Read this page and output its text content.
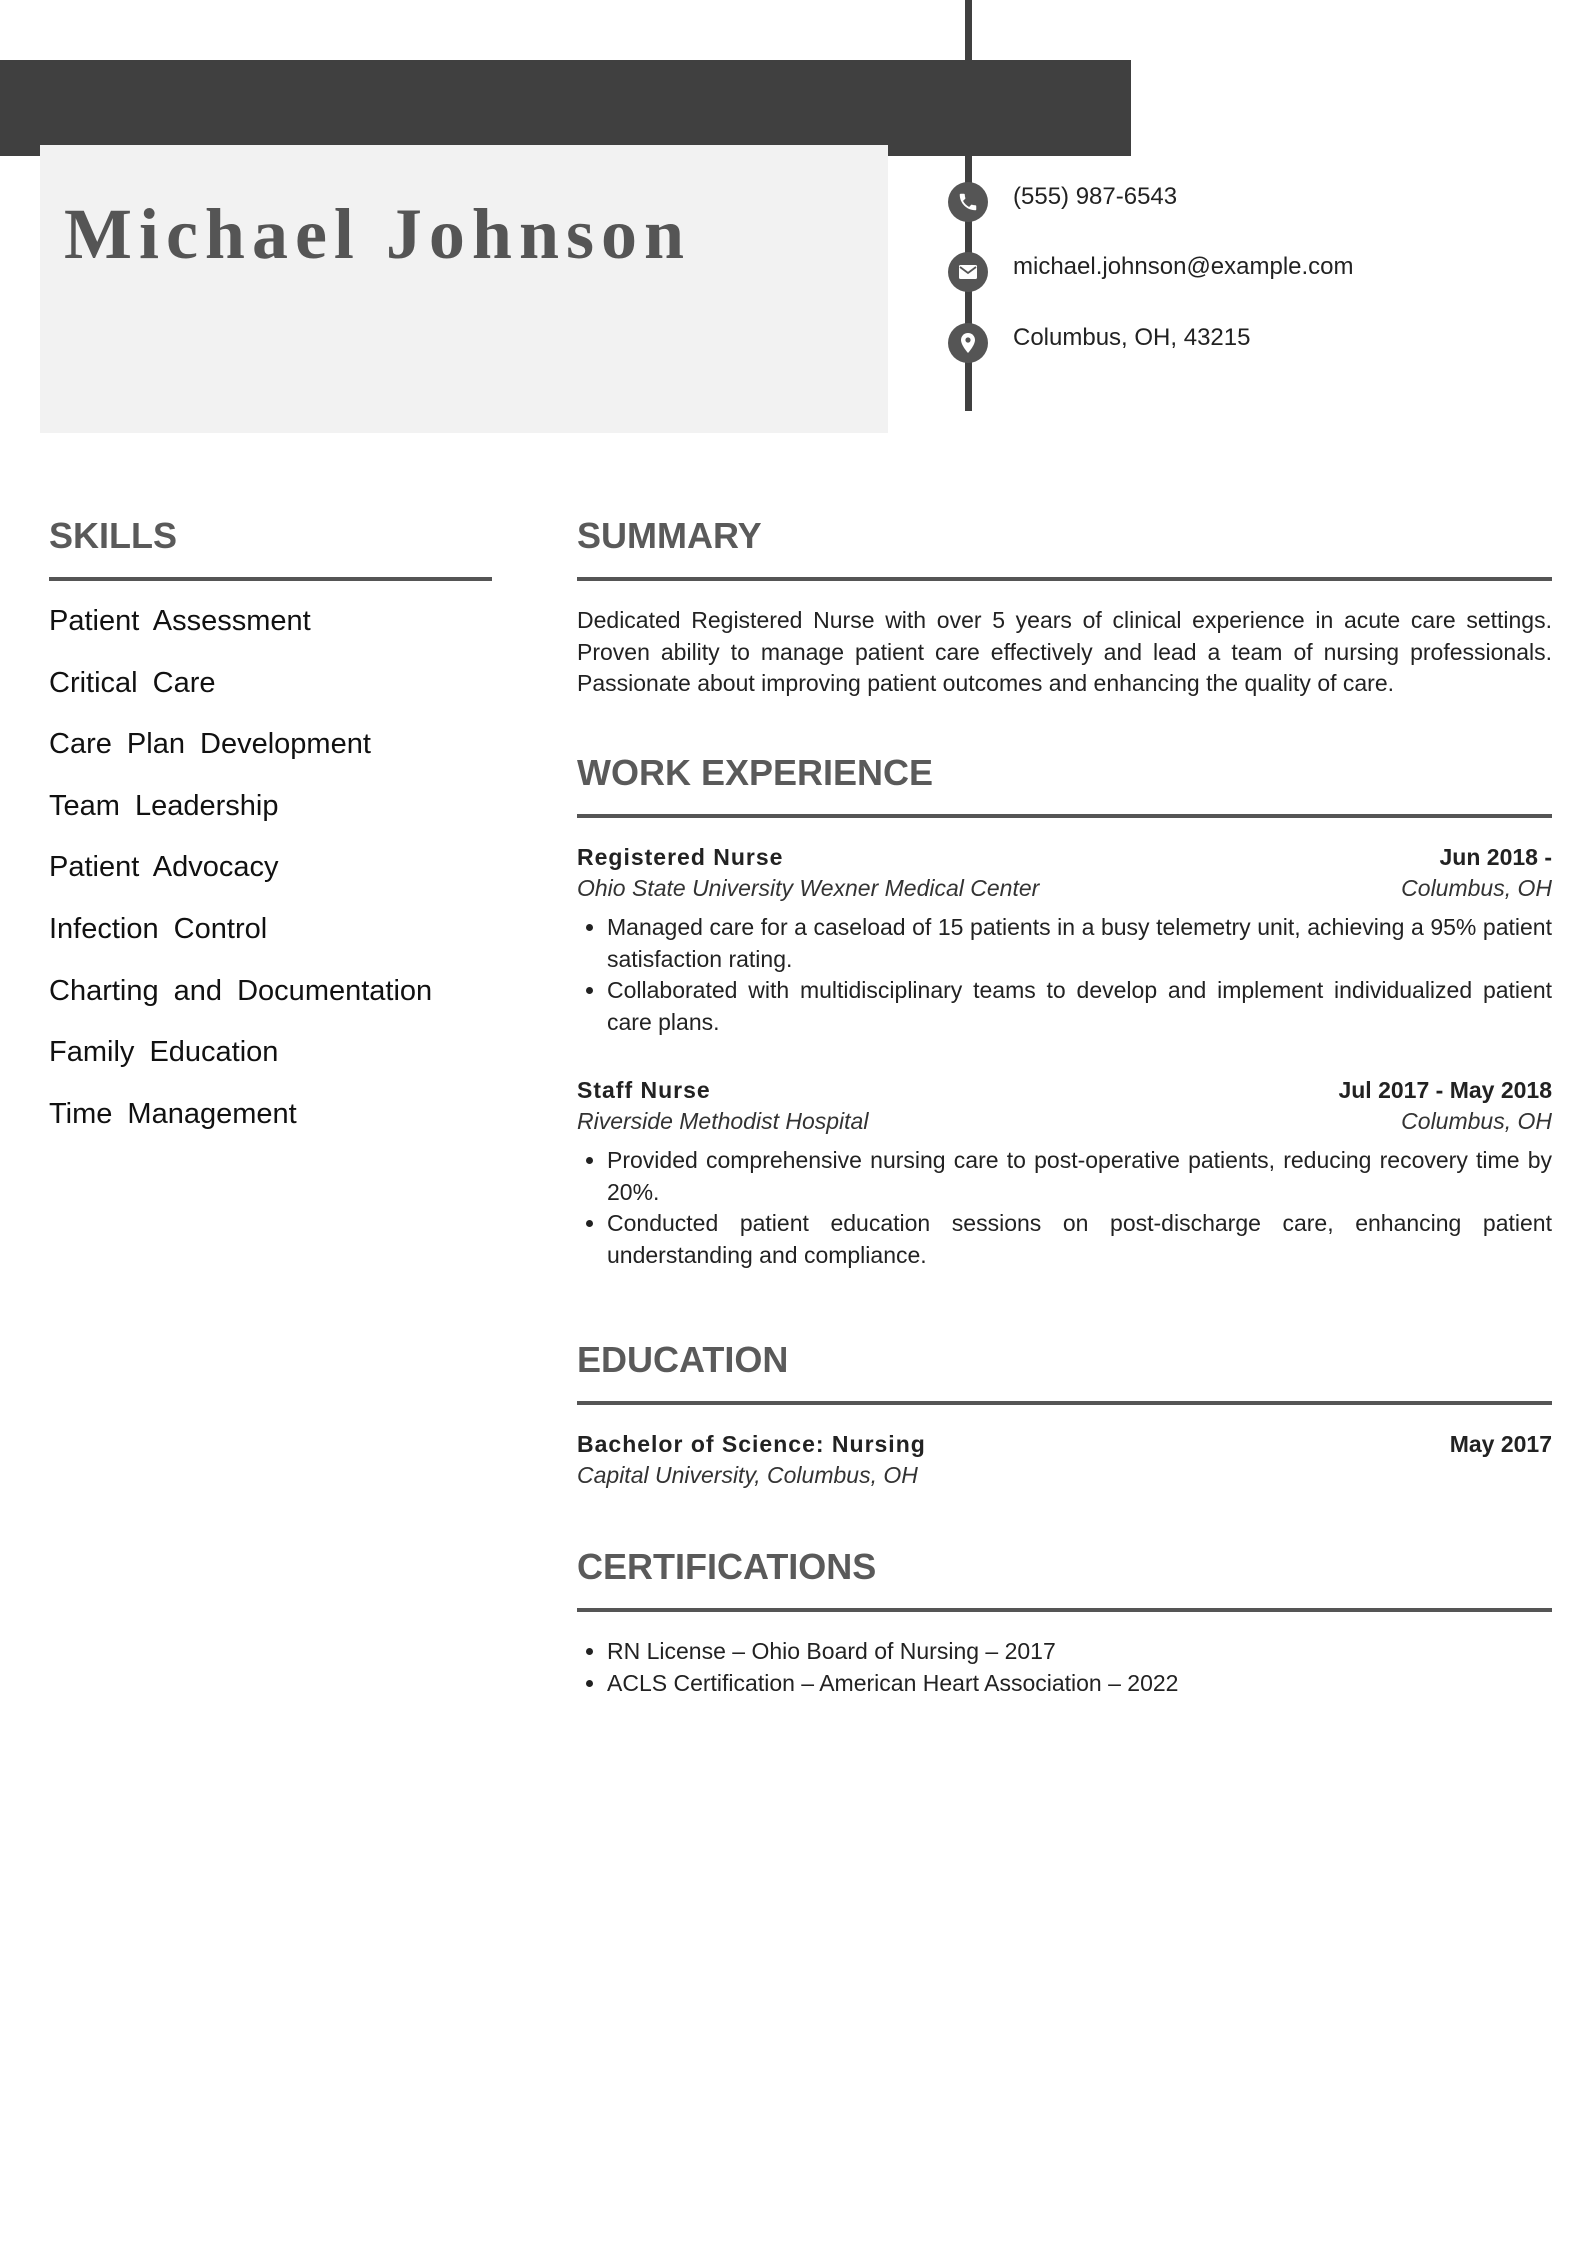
Michael Johnson	(555) 987-6543
michael.johnson@example.com
Columbus, OH, 43215
SKILLS
Patient Assessment
Critical Care
Care Plan Development
Team Leadership
Patient Advocacy
Infection Control
Charting and Documentation
Family Education
Time Management
SUMMARY

Dedicated Registered Nurse with over 5 years of clinical experience in acute care settings. Proven ability to manage patient care effectively and lead a team of nursing professionals. Passionate about improving patient outcomes and enhancing the quality of care.

WORK EXPERIENCE
Registered Nurse	Jun 2018 -
Ohio State University Wexner Medical Center	Columbus, OH
• Managed care for a caseload of 15 patients in a busy telemetry unit, achieving a 95% patient satisfaction rating.
• Collaborated with multidisciplinary teams to develop and implement individualized patient care plans.
Staff Nurse	Jul 2017 - May 2018
Riverside Methodist Hospital	Columbus, OH
• Provided comprehensive nursing care to post-operative patients, reducing recovery time by 20%.
• Conducted patient education sessions on post-discharge care, enhancing patient understanding and compliance.
EDUCATION
Bachelor of Science: Nursing	May 2017
Capital University, Columbus, OH
CERTIFICATIONS
• RN License – Ohio Board of Nursing – 2017
• ACLS Certification – American Heart Association – 2022
